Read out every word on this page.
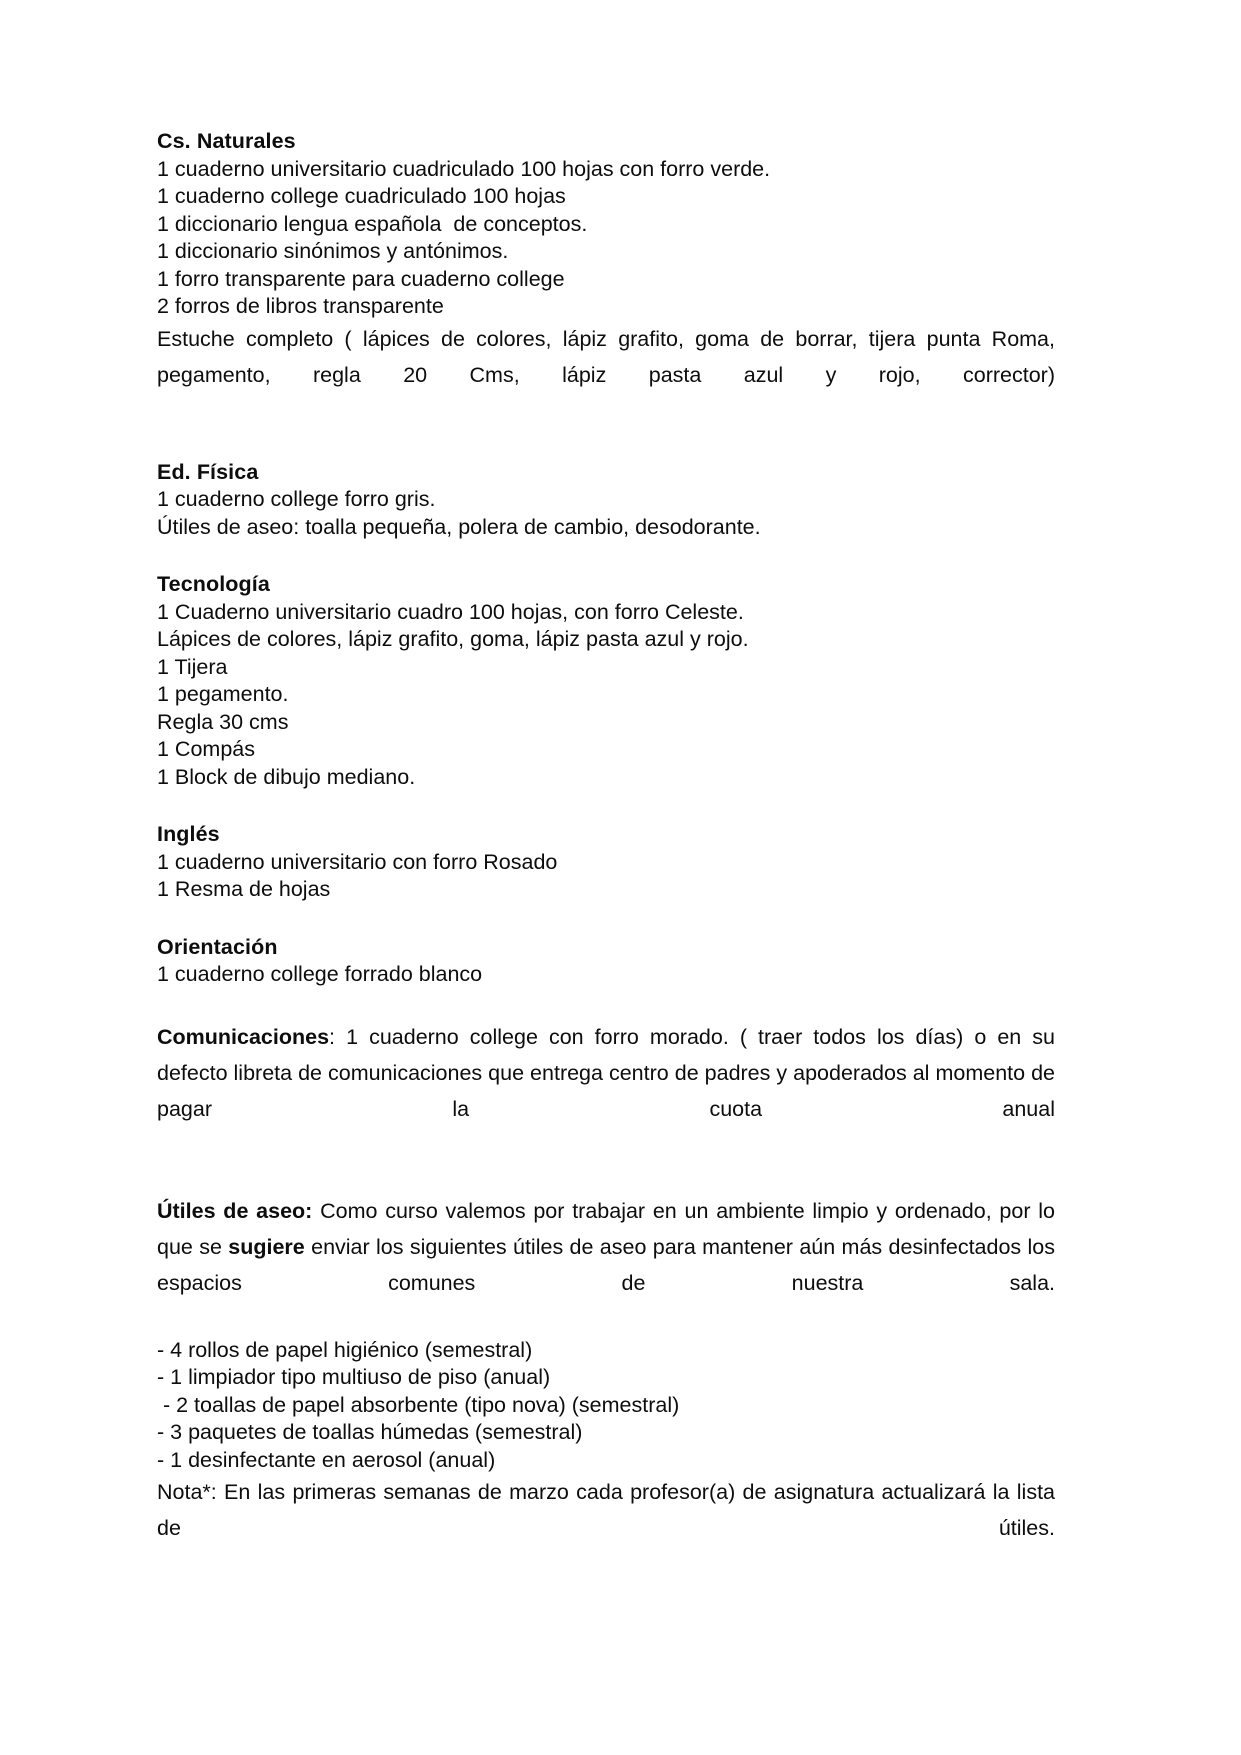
Cs. Naturales

1 cuaderno universitario cuadriculado 100 hojas con forro verde.

1 cuaderno college cuadriculado 100 hojas

1 diccionario lengua española  de conceptos.

1 diccionario sinónimos y antónimos.

1 forro transparente para cuaderno college

2 forros de libros transparente

Estuche completo ( lápices de colores, lápiz grafito, goma de borrar, tijera punta Roma, pegamento, regla 20 Cms, lápiz pasta azul y rojo, corrector)

Ed. Física

1 cuaderno college forro gris.

Útiles de aseo: toalla pequeña, polera de cambio, desodorante.

Tecnología

1 Cuaderno universitario cuadro 100 hojas, con forro Celeste.

Lápices de colores, lápiz grafito, goma, lápiz pasta azul y rojo.

1 Tijera

1 pegamento.

Regla 30 cms

1 Compás

1 Block de dibujo mediano.

Inglés

1 cuaderno universitario con forro Rosado

1 Resma de hojas

Orientación

1 cuaderno college forrado blanco

Comunicaciones: 1 cuaderno college con forro morado. ( traer todos los días) o en su defecto libreta de comunicaciones que entrega centro de padres y apoderados al momento de pagar la cuota anual

Útiles de aseo: Como curso valemos por trabajar en un ambiente limpio y ordenado, por lo que se sugiere enviar los siguientes útiles de aseo para mantener aún más desinfectados los espacios comunes de nuestra sala.

- 4 rollos de papel higiénico (semestral)

- 1 limpiador tipo multiuso de piso (anual)

- 2 toallas de papel absorbente (tipo nova) (semestral)

- 3 paquetes de toallas húmedas (semestral)

- 1 desinfectante en aerosol (anual)

Nota*: En las primeras semanas de marzo cada profesor(a) de asignatura actualizará la lista de útiles.
